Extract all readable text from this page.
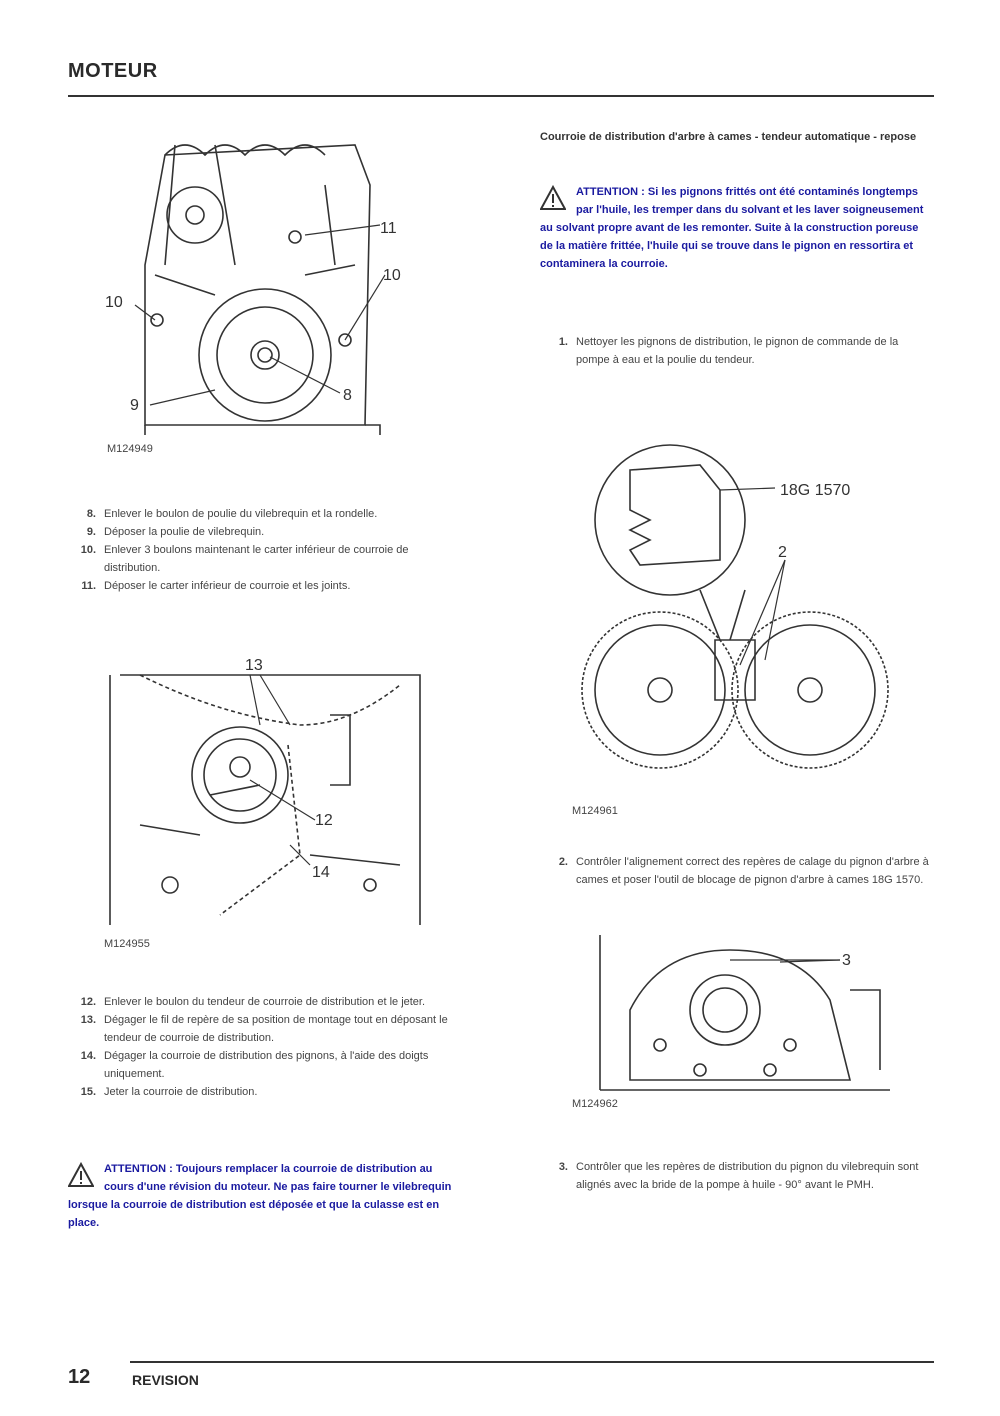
MOTEUR
10
11
10
9
8
M124949
8. Enlever le boulon de poulie du vilebrequin et la rondelle.
9. Déposer la poulie de vilebrequin.
10. Enlever 3 boulons maintenant le carter inférieur de courroie de distribution.
11. Déposer le carter inférieur de courroie et les joints.
13
12
14
M124955
12. Enlever le boulon du tendeur de courroie de distribution et le jeter.
13. Dégager le fil de repère de sa position de montage tout en déposant le tendeur de courroie de distribution.
14. Dégager la courroie de distribution des pignons, à l'aide des doigts uniquement.
15. Jeter la courroie de distribution.
ATTENTION : Toujours remplacer la courroie de distribution au cours d'une révision du moteur. Ne pas faire tourner le vilebrequin lorsque la courroie de distribution est déposée et que la culasse est en place.
Courroie de distribution d'arbre à cames - tendeur automatique - repose
ATTENTION : Si les pignons frittés ont été contaminés longtemps par l'huile, les tremper dans du solvant et les laver soigneusement au solvant propre avant de les remonter. Suite à la construction poreuse de la matière frittée, l'huile qui se trouve dans le pignon en ressortira et contaminera la courroie.
1. Nettoyer les pignons de distribution, le pignon de commande de la pompe à eau et la poulie du tendeur.
18G 1570
2
M124961
2. Contrôler l'alignement correct des repères de calage du pignon d'arbre à cames et poser l'outil de blocage de pignon d'arbre à cames 18G 1570.
3
M124962
3. Contrôler que les repères de distribution du pignon du vilebrequin sont alignés avec la bride de la pompe à huile - 90° avant le PMH.
12	REVISION
